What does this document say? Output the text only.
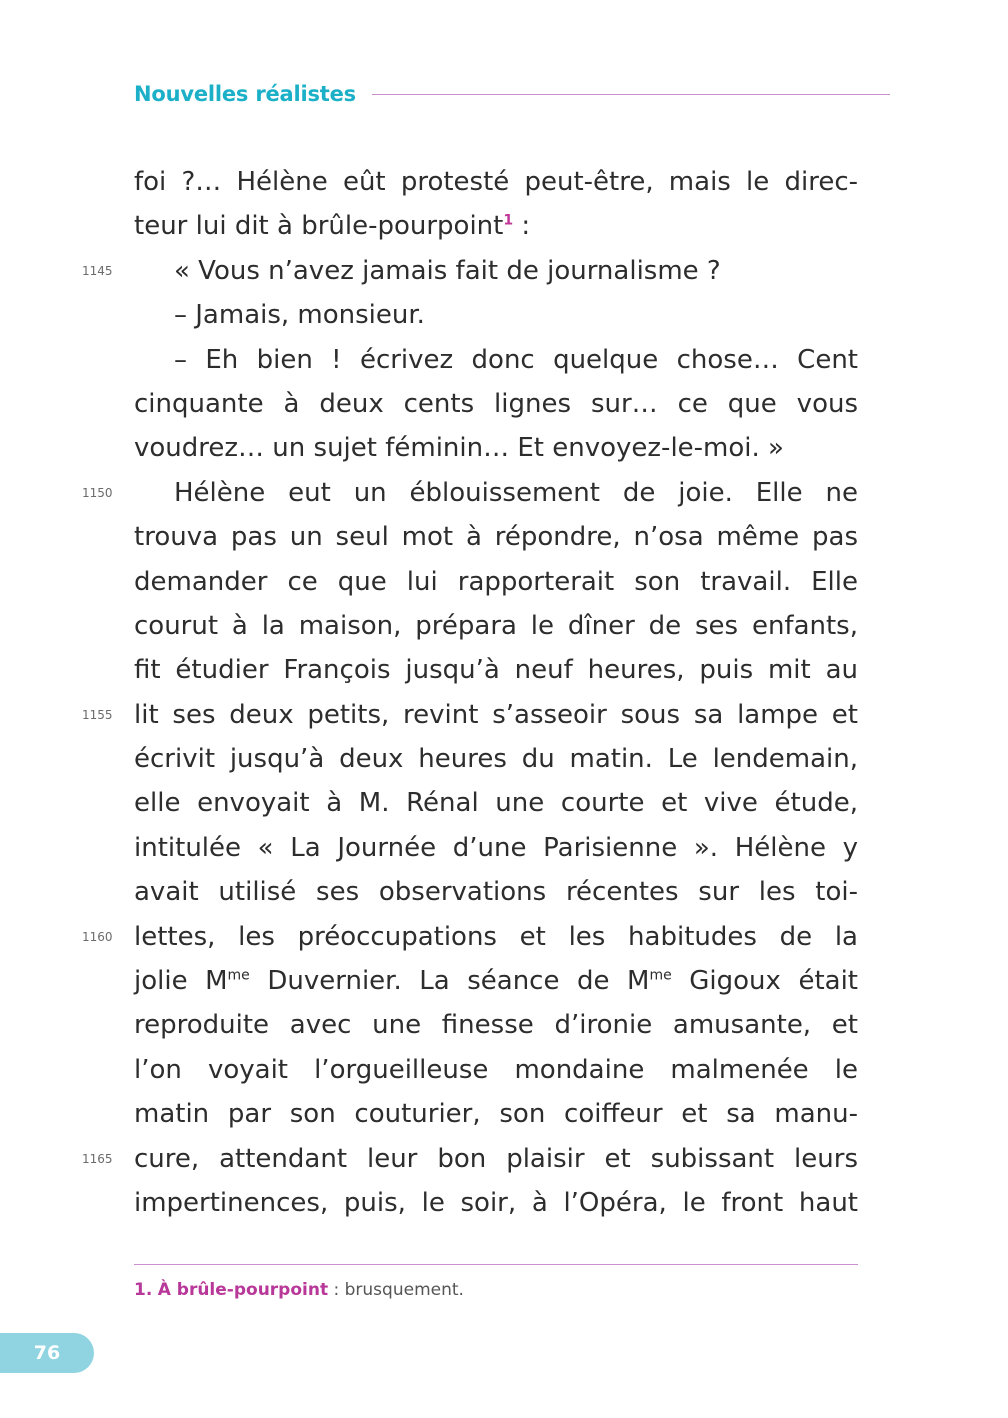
Nouvelles réalistes
foi ?… Hélène eût protesté peut-être, mais le direc-
teur lui dit à brûle-pourpoint$^1$ :
1145	« Vous n’avez jamais fait de journalisme ?
– Jamais, monsieur.
– Eh bien ! écrivez donc quelque chose… Cent
cinquante à deux cents lignes sur… ce que vous
voudrez… un sujet féminin… Et envoyez-le-moi. »
1150	Hélène eut un éblouissement de joie. Elle ne
trouva pas un seul mot à répondre, n’osa même pas
demander ce que lui rapporterait son travail. Elle
courut à la maison, prépara le dîner de ses enfants,
fit étudier François jusqu’à neuf heures, puis mit au
1155 lit ses deux petits, revint s’asseoir sous sa lampe et
écrivit jusqu’à deux heures du matin. Le lendemain,
elle envoyait à M. Rénal une courte et vive étude,
intitulée « La Journée d’une Parisienne ». Hélène y
avait utilisé ses observations récentes sur les toi-
1160 lettes, les préoccupations et les habitudes de la
jolie $M^{me}$ Duvernier. La séance de $M^{me}$ Gigoux était
reproduite avec une finesse d’ironie amusante, et
l’on voyait l’orgueilleuse mondaine malmenée le
matin par son couturier, son coiffeur et sa manu-
1165 cure, attendant leur bon plaisir et subissant leurs
impertinences, puis, le soir, à l’Opéra, le front haut
1. À brûle-pourpoint : brusquement.
76
